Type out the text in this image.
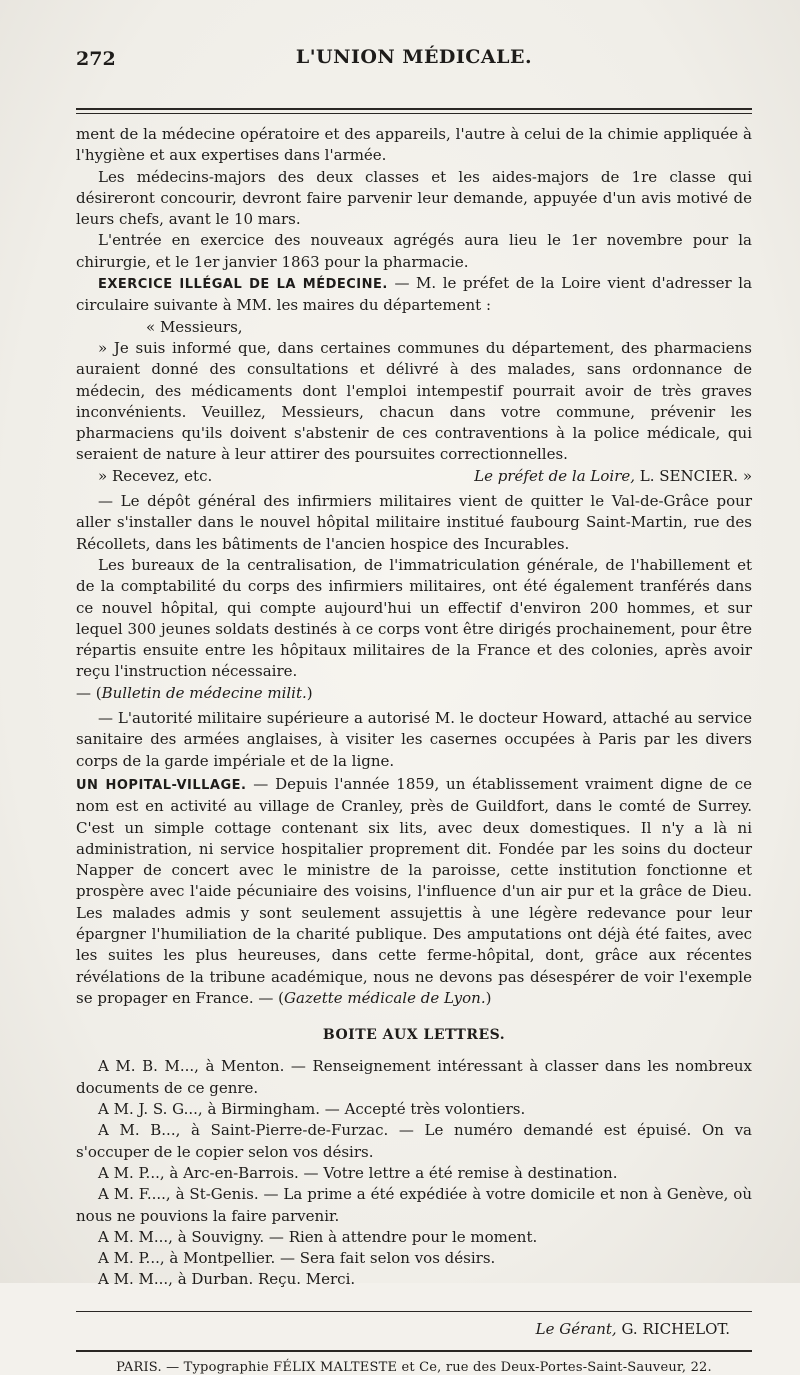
272	L'UNION MÉDICALE.

ment de la médecine opératoire et des appareils, l'autre à celui de la chimie appliquée à l'hygiène et aux expertises dans l'armée.

Les médecins-majors des deux classes et les aides-majors de 1re classe qui désireront concourir, devront faire parvenir leur demande, appuyée d'un avis motivé de leurs chefs, avant le 10 mars.

L'entrée en exercice des nouveaux agrégés aura lieu le 1er novembre pour la chirurgie, et le 1er janvier 1863 pour la pharmacie.

EXERCICE ILLÉGAL DE LA MÉDECINE. — M. le préfet de la Loire vient d'adresser la circulaire suivante à MM. les maires du département :

« Messieurs,

» Je suis informé que, dans certaines communes du département, des pharmaciens auraient donné des consultations et délivré à des malades, sans ordonnance de médecin, des médicaments dont l'emploi intempestif pourrait avoir de très graves inconvénients. Veuillez, Messieurs, chacun dans votre commune, prévenir les pharmaciens qu'ils doivent s'abstenir de ces contraventions à la police médicale, qui seraient de nature à leur attirer des poursuites correctionnelles.

» Recevez, etc.	Le préfet de la Loire, L. SENCIER. »

— Le dépôt général des infirmiers militaires vient de quitter le Val-de-Grâce pour aller s'installer dans le nouvel hôpital militaire institué faubourg Saint-Martin, rue des Récollets, dans les bâtiments de l'ancien hospice des Incurables.

Les bureaux de la centralisation, de l'immatriculation générale, de l'habillement et de la comptabilité du corps des infirmiers militaires, ont été également tranférés dans ce nouvel hôpital, qui compte aujourd'hui un effectif d'environ 200 hommes, et sur lequel 300 jeunes soldats destinés à ce corps vont être dirigés prochainement, pour être répartis ensuite entre les hôpitaux militaires de la France et des colonies, après avoir reçu l'instruction nécessaire.

— (Bulletin de médecine milit.)

— L'autorité militaire supérieure a autorisé M. le docteur Howard, attaché au service sanitaire des armées anglaises, à visiter les casernes occupées à Paris par les divers corps de la garde impériale et de la ligne.

UN HOPITAL-VILLAGE. — Depuis l'année 1859, un établissement vraiment digne de ce nom est en activité au village de Cranley, près de Guildfort, dans le comté de Surrey. C'est un simple cottage contenant six lits, avec deux domestiques. Il n'y a là ni administration, ni service hospitalier proprement dit. Fondée par les soins du docteur Napper de concert avec le ministre de la paroisse, cette institution fonctionne et prospère avec l'aide pécuniaire des voisins, l'influence d'un air pur et la grâce de Dieu. Les malades admis y sont seulement assujettis à une légère redevance pour leur épargner l'humiliation de la charité publique. Des amputations ont déjà été faites, avec les suites les plus heureuses, dans cette ferme-hôpital, dont, grâce aux récentes révélations de la tribune académique, nous ne devons pas désespérer de voir l'exemple se propager en France. — (Gazette médicale de Lyon.)

BOITE AUX LETTRES.

A M. B. M..., à Menton. — Renseignement intéressant à classer dans les nombreux documents de ce genre.

A M. J. S. G..., à Birmingham. — Accepté très volontiers.

A M. B..., à Saint-Pierre-de-Furzac. — Le numéro demandé est épuisé. On va s'occuper de le copier selon vos désirs.

A M. P..., à Arc-en-Barrois. — Votre lettre a été remise à destination.

A M. F...., à St-Genis. — La prime a été expédiée à votre domicile et non à Genève, où nous ne pouvions la faire parvenir.

A M. M..., à Souvigny. — Rien à attendre pour le moment.

A M. P..., à Montpellier. — Sera fait selon vos désirs.

A M. M..., à Durban. Reçu. Merci.

Le Gérant, G. RICHELOT.
PARIS. — Typographie FÉLIX MALTESTE et Ce, rue des Deux-Portes-Saint-Sauveur, 22.
